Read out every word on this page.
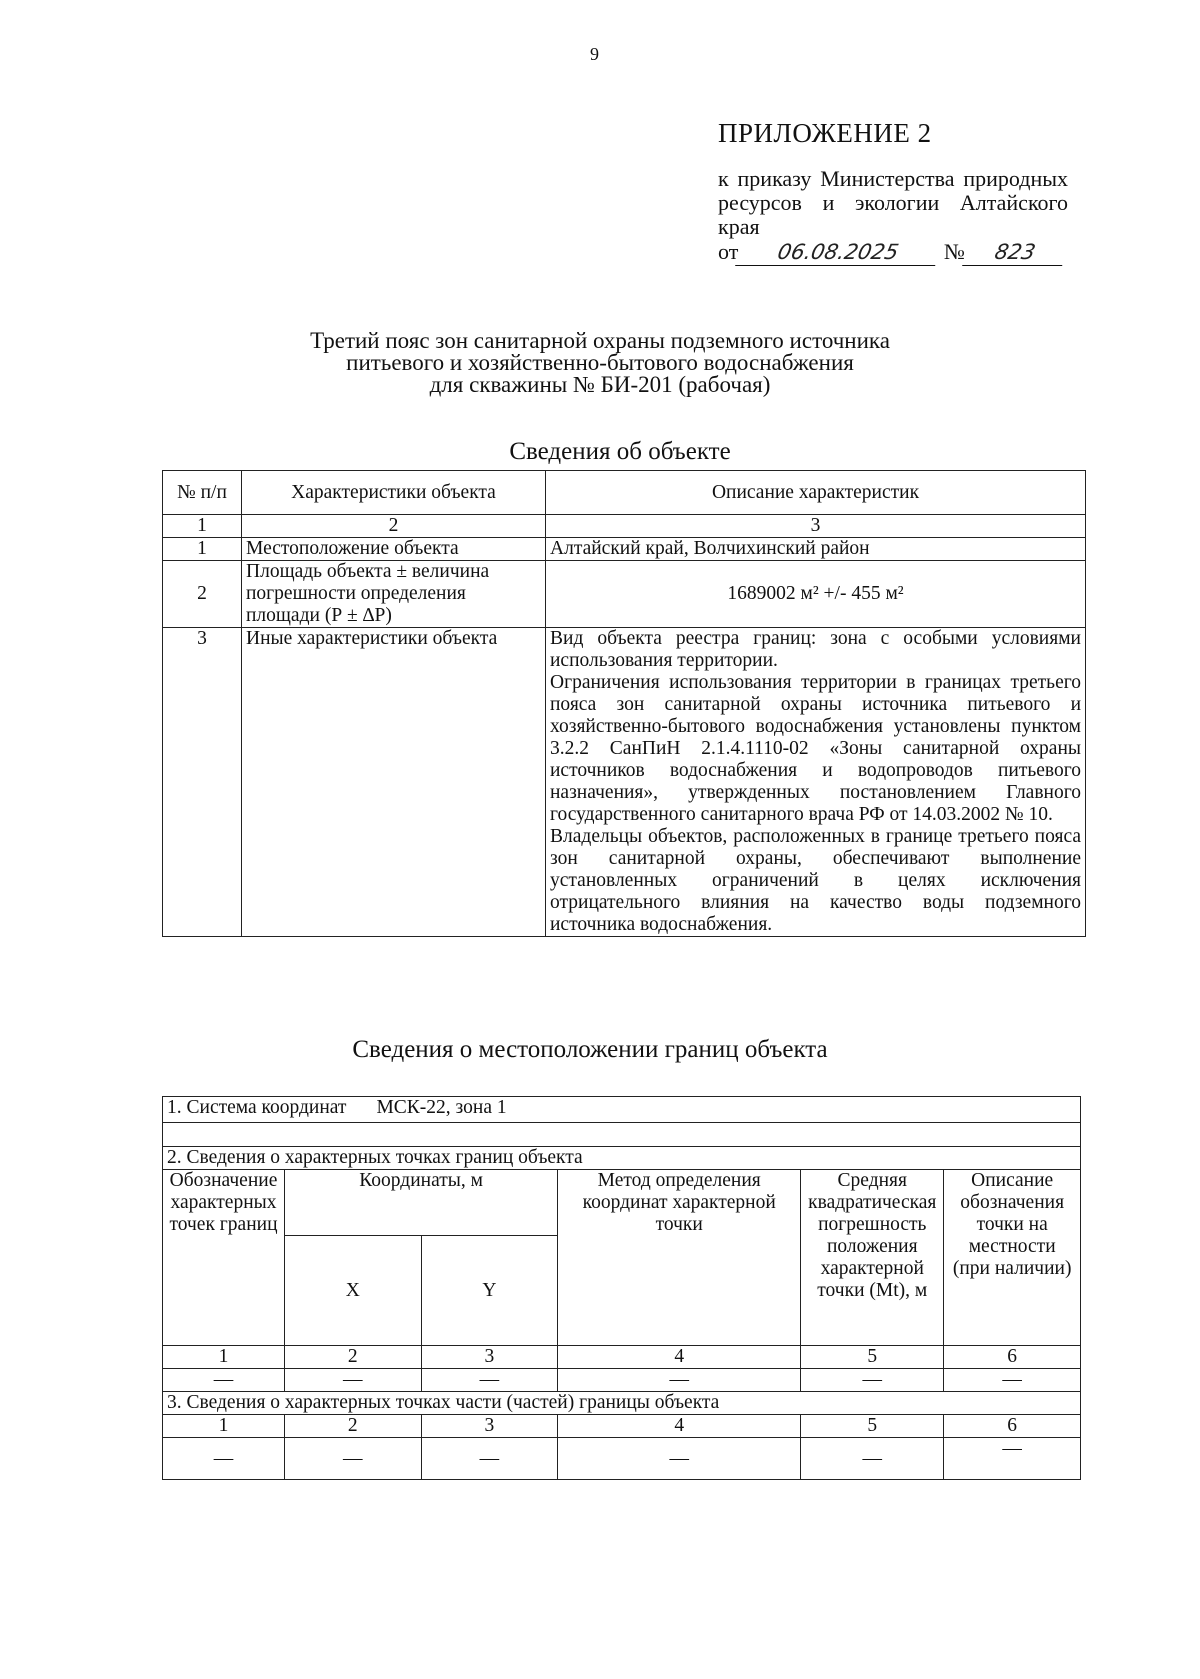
9
ПРИЛОЖЕНИЕ 2
к приказу Министерства природных ресурсов и экологии Алтайского края
от 06.08.2025 № 823
Третий пояс зон санитарной охраны подземного источника
питьевого и хозяйственно-бытового водоснабжения
для скважины № БИ-201 (рабочая)
Сведения об объекте
№ п/п	Характеристики объекта	Описание характеристик
1	2	3
1	Местоположение объекта	Алтайский край, Волчихинский район
2	Площадь объекта ± величина погрешности определения площади (Р ± ∆Р)	1689002 м² +/- 455 м²
3	Иные характеристики объекта	Вид объекта реестра границ: зона с особыми условиями использования территории.
Ограничения использования территории в границах третьего пояса зон санитарной охраны источника питьевого и хозяйственно-бытового водоснабжения установлены пунктом 3.2.2 СанПиН 2.1.4.1110-02 «Зоны санитарной охраны источников водоснабжения и водопроводов питьевого назначения», утвержденных постановлением Главного государственного санитарного врача РФ от 14.03.2002 № 10.
Владельцы объектов, расположенных в границе третьего пояса зон санитарной охраны, обеспечивают выполнение установленных ограничений в целях исключения отрицательного влияния на качество воды подземного источника водоснабжения.
Сведения о местоположении границ объекта
1. Система координат МСК-22, зона 1					

2. Сведения о характерных точках границ объекта					
Обозначение характерных точек границ	Координаты, м		Метод определения координат характерной точки	Средняя квадратическая погрешность положения характерной точки (Mt), м	Описание обозначения точки на местности (при наличии)
	X	Y			
1	2	3	4	5	6
—	—	—	—	—	—
3. Сведения о характерных точках части (частей) границы объекта					
1	2	3	4	5	6
—	—	—	—	—	—
